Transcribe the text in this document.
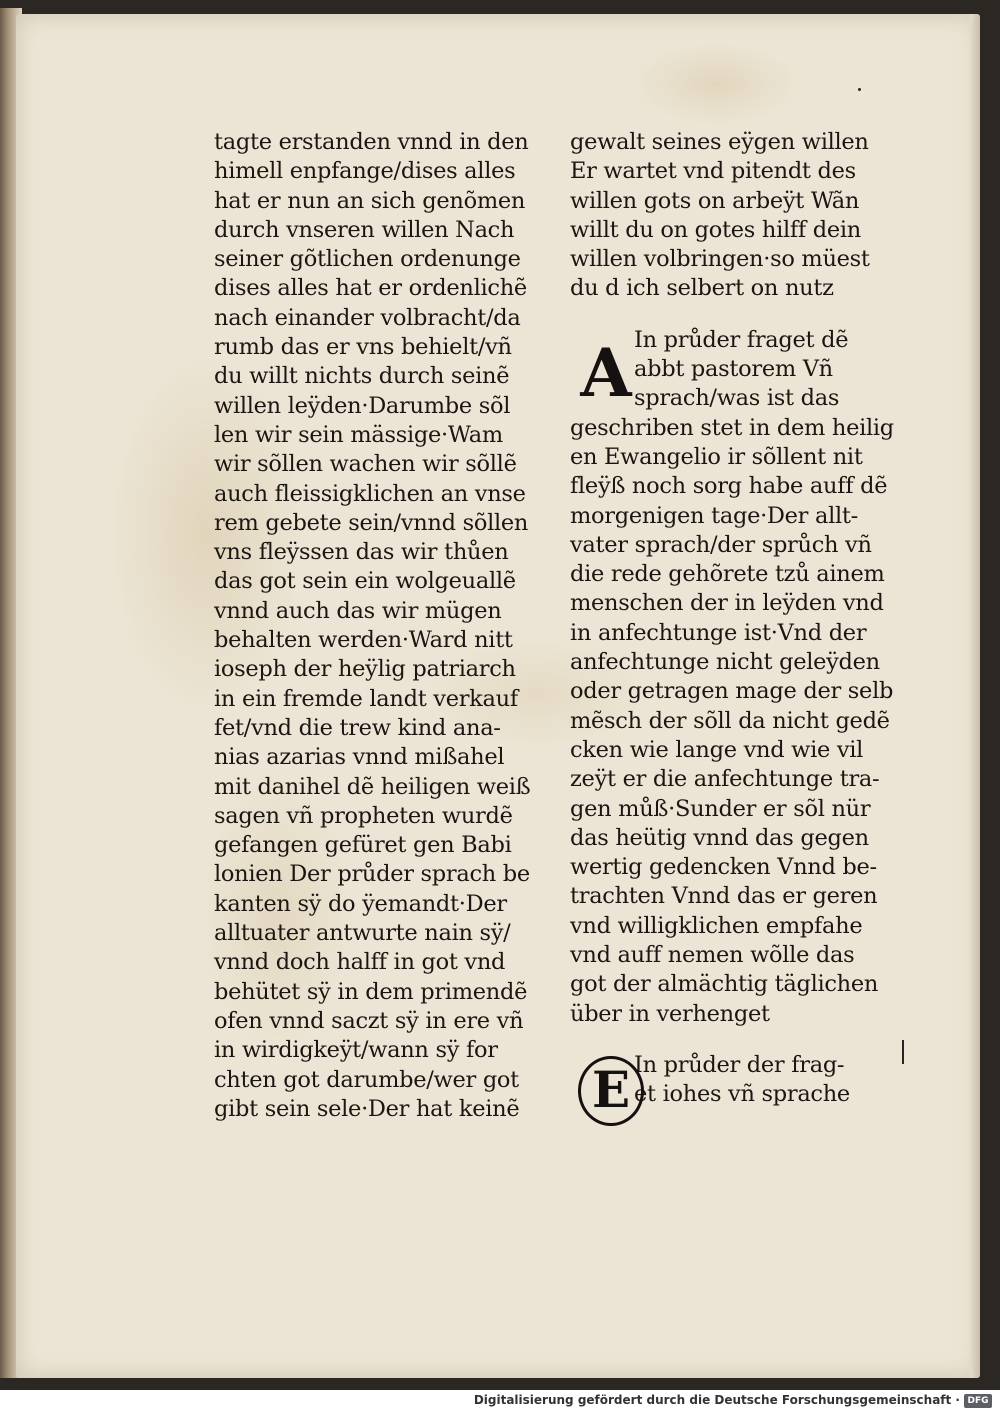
tagte erstanden vnnd in den
himell enpfange/dises alles
hat er nun an sich genõmen
durch vnseren willen Nach
seiner gõtlichen ordenunge
dises alles hat er ordenlichẽ
nach einander volbracht/da
rumb das er vns behielt/vñ
du willt nichts durch seinẽ
willen lеÿden·Darumbe sõl
len wir sein mässige·Wam
wir sõllen wachen wir sõllẽ
auch fleissigklichen an vnse
rem gebete sein/vnnd sõllen
vns fleÿssen das wir thůen
das got sein ein wolgeuallẽ
vnnd auch das wir mügen
behalten werden·Ward nitt
ioseph der heÿlig patriarch
in ein fremde landt verkauf
fet/vnd die trew kind ana-
nias azarias vnnd mißahel
mit danihel dẽ heiligen weiß
sagen vñ propheten wurdẽ
gefangen gefüret gen Babi
lonien Der průder sprach be
kanten sÿ do ÿemandt·Der
alltuater antwurte nain sÿ/
vnnd doch halff in got vnd
behütet sÿ in dem primendẽ
ofen vnnd saczt sÿ in ere vñ
in wirdigkeÿt/wann sÿ for
chten got darumbe/wer got
gibt sein sele·Der hat keinẽ
gewalt seines eÿgen willen
Er wartet vnd pitendt des
willen gots on arbeÿt Wãn
willt du on gotes hilff dein
willen volbringen·so müest
du d ich selbert on nutz
In průder fraget dẽ
abbt pastorem Vñ
sprach/was ist das
geschriben stet in dem heilig
en Ewangelio ir sõllent nit
fleÿß noch sorg habe auff dẽ
morgenigen tage·Der allt-
vater sprach/der sprůch vñ
die rede gehõrete tzů ainem
menschen der in leÿden vnd
in anfechtunge ist·Vnd der
anfechtunge nicht geleÿden
oder getragen mage der selb
mẽsch der sõll da nicht gedẽ
cken wie lange vnd wie vil
zeÿt er die anfechtunge tra-
gen můß·Sunder er sõl nür
das heütig vnnd das gegen
wertig gedencken Vnnd be-
trachten Vnnd das er geren
vnd willigklichen empfahe
vnd auff nemen wõlle das
got der almächtig täglichen
über in verhenget
In průder der frag-
et iohes vñ sprache
A
E
Digitalisierung gefördert durch die Deutsche Forschungsgemeinschaft · DFG
